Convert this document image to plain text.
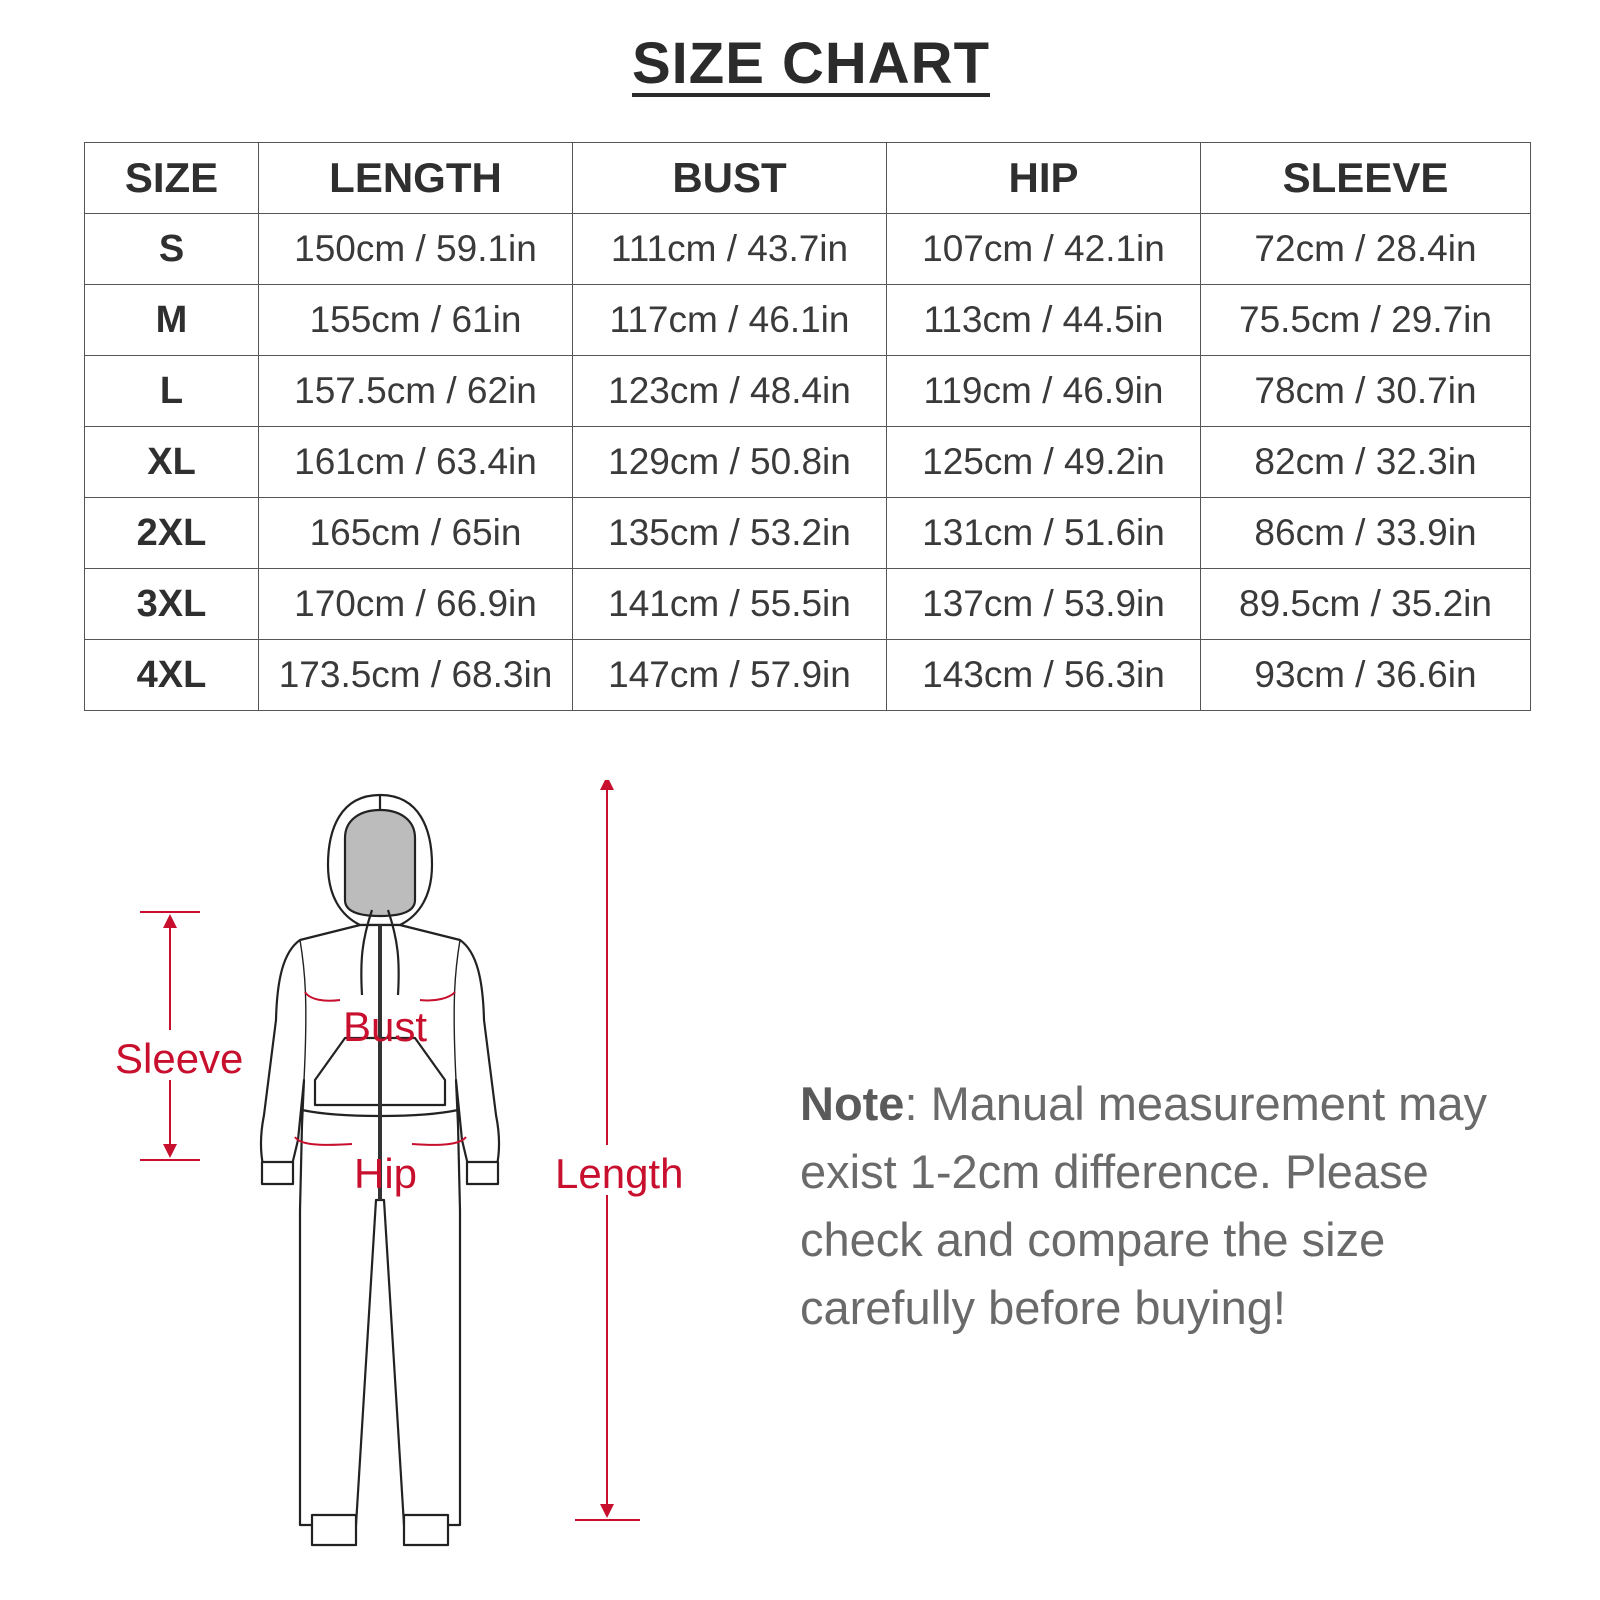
SIZE CHART
SIZE	LENGTH	BUST	HIP	SLEEVE
S	150cm / 59.1in	111cm / 43.7in	107cm / 42.1in	72cm / 28.4in
M	155cm / 61in	117cm / 46.1in	113cm / 44.5in	75.5cm / 29.7in
L	157.5cm / 62in	123cm / 48.4in	119cm / 46.9in	78cm / 30.7in
XL	161cm / 63.4in	129cm / 50.8in	125cm / 49.2in	82cm / 32.3in
2XL	165cm / 65in	135cm / 53.2in	131cm / 51.6in	86cm / 33.9in
3XL	170cm / 66.9in	141cm / 55.5in	137cm / 53.9in	89.5cm / 35.2in
4XL	173.5cm / 68.3in	147cm / 57.9in	143cm / 56.3in	93cm / 36.6in
Sleeve
Bust
Hip	Length
Note: Manual measurement may exist 1-2cm difference. Please check and compare the size carefully before buying!
